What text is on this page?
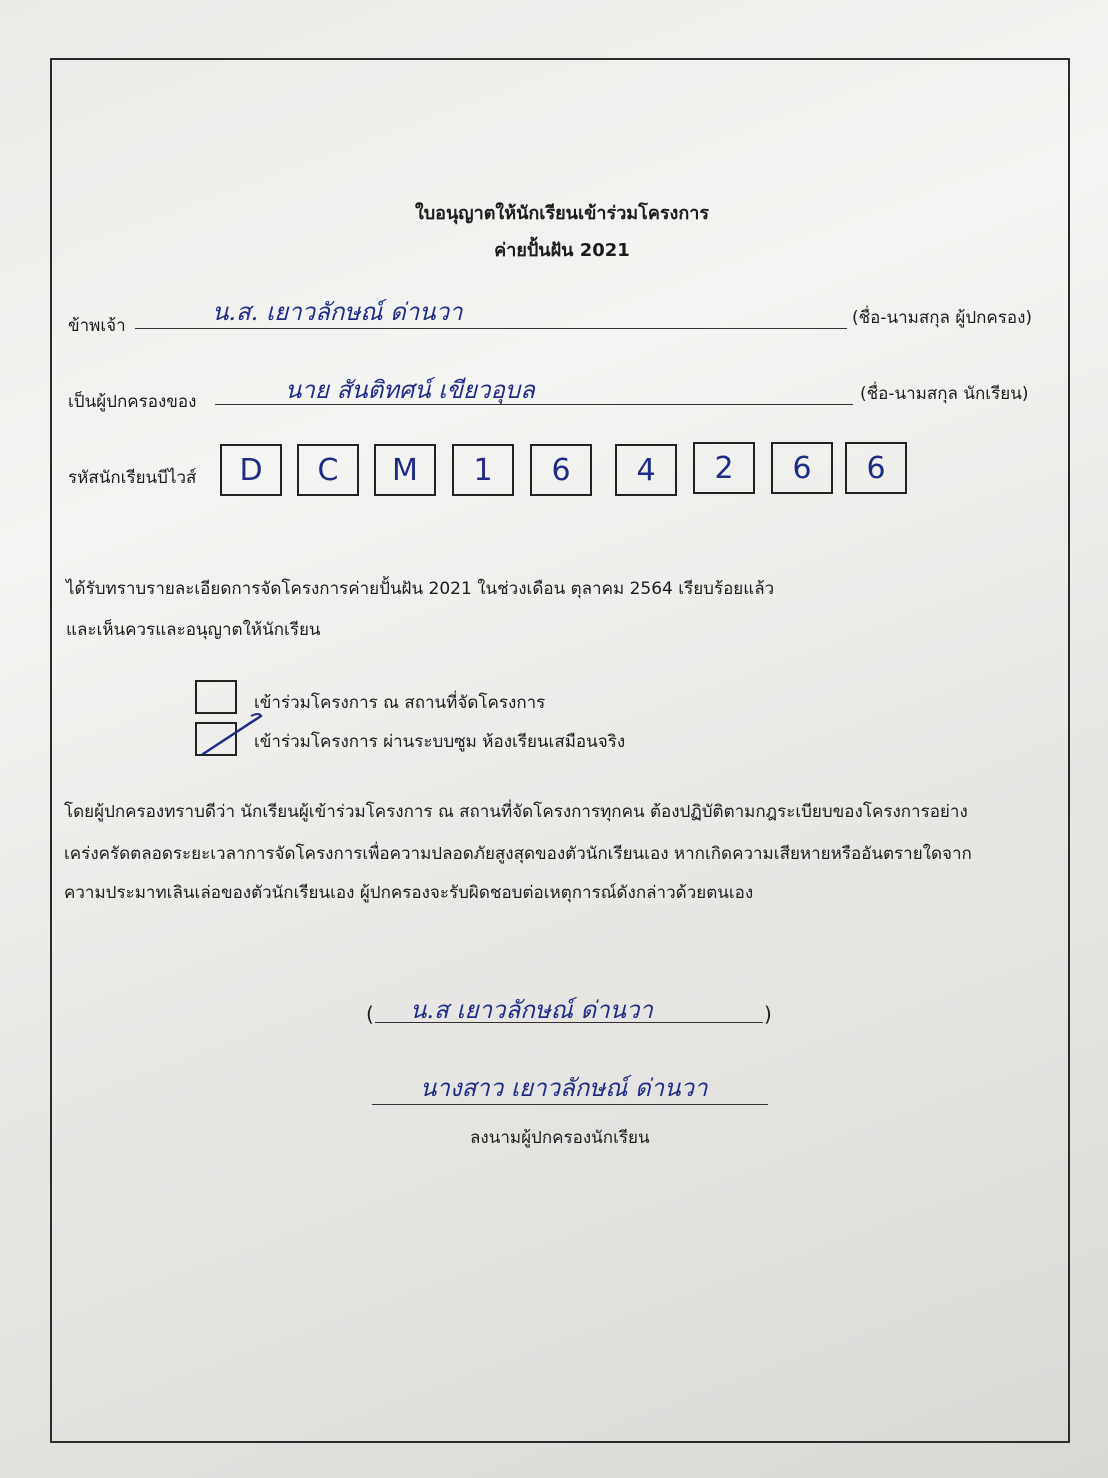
ใบอนุญาตให้นักเรียนเข้าร่วมโครงการ
ค่ายปั้นฝัน 2021
ข้าพเจ้า	น.ส. เยาวลักษณ์ ด่านวา	(ชื่อ-นามสกุล ผู้ปกครอง)
เป็นผู้ปกครองของ	นาย สันติทศน์ เขียวอุบล	(ชื่อ-นามสกุล นักเรียน)
รหัสนักเรียนบีไวส์ D C M 1 6 4 2 6 6
ได้รับทราบรายละเอียดการจัดโครงการค่ายปั้นฝัน 2021 ในช่วงเดือน ตุลาคม 2564 เรียบร้อยแล้ว
และเห็นควรและอนุญาตให้นักเรียน
เข้าร่วมโครงการ ณ สถานที่จัดโครงการ
เข้าร่วมโครงการ ผ่านระบบซูม ห้องเรียนเสมือนจริง
โดยผู้ปกครองทราบดีว่า นักเรียนผู้เข้าร่วมโครงการ ณ สถานที่จัดโครงการทุกคน ต้องปฏิบัติตามกฎระเบียบของโครงการอย่าง
เคร่งครัดตลอดระยะเวลาการจัดโครงการเพื่อความปลอดภัยสูงสุดของตัวนักเรียนเอง หากเกิดความเสียหายหรืออันตรายใดจาก
ความประมาทเลินเล่อของตัวนักเรียนเอง ผู้ปกครองจะรับผิดชอบต่อเหตุการณ์ดังกล่าวด้วยตนเอง
( น.ส เยาวลักษณ์ ด่านวา	)
นางสาว เยาวลักษณ์ ด่านวา
ลงนามผู้ปกครองนักเรียน
